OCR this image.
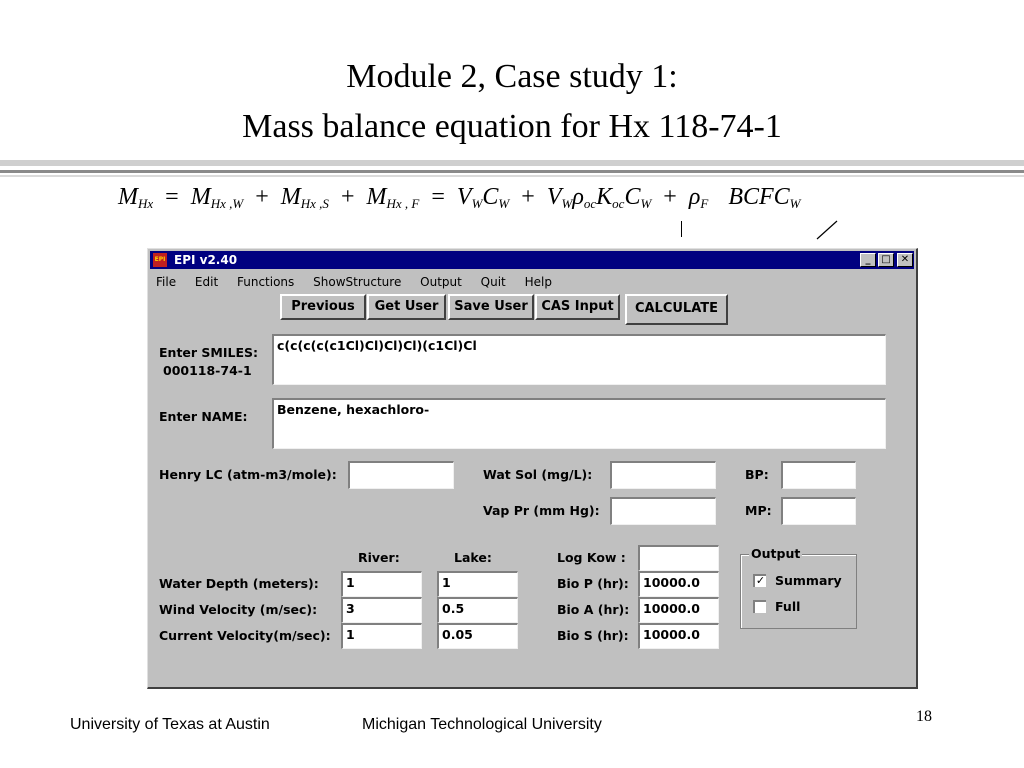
Module 2, Case study 1:
Mass balance equation for Hx 118-74-1
$M_{Hx} = M_{Hx ,W} + M_{Hx ,S} + M_{Hx , F} = V_WC_W + V_W\rho_{oc}K_{oc}C_W + \rho_F$ $BCFC_W$
EPI EPI v2.40	_	□	✕
File Edit Functions ShowStructure Output Quit Help
Previous	Get User	Save User	CAS Input	CALCULATE
Enter SMILES:
000118-74-1
c(c(c(c(c1Cl)Cl)Cl)Cl)(c1Cl)Cl
Enter NAME:	Benzene, hexachloro-
Henry LC (atm-m3/mole):	Wat Sol (mg/L):	BP:
Vap Pr (mm Hg):	MP:
River:	Lake:
Water Depth (meters):	1	1
Wind Velocity (m/sec):	3	0.5
Current Velocity(m/sec):	1	0.05
Log Kow :
Bio P (hr):	10000.0
Bio A (hr):	10000.0
Bio S (hr):	10000.0
Output
✓ Summary
Full
University of Texas at Austin	Michigan Technological University	18
